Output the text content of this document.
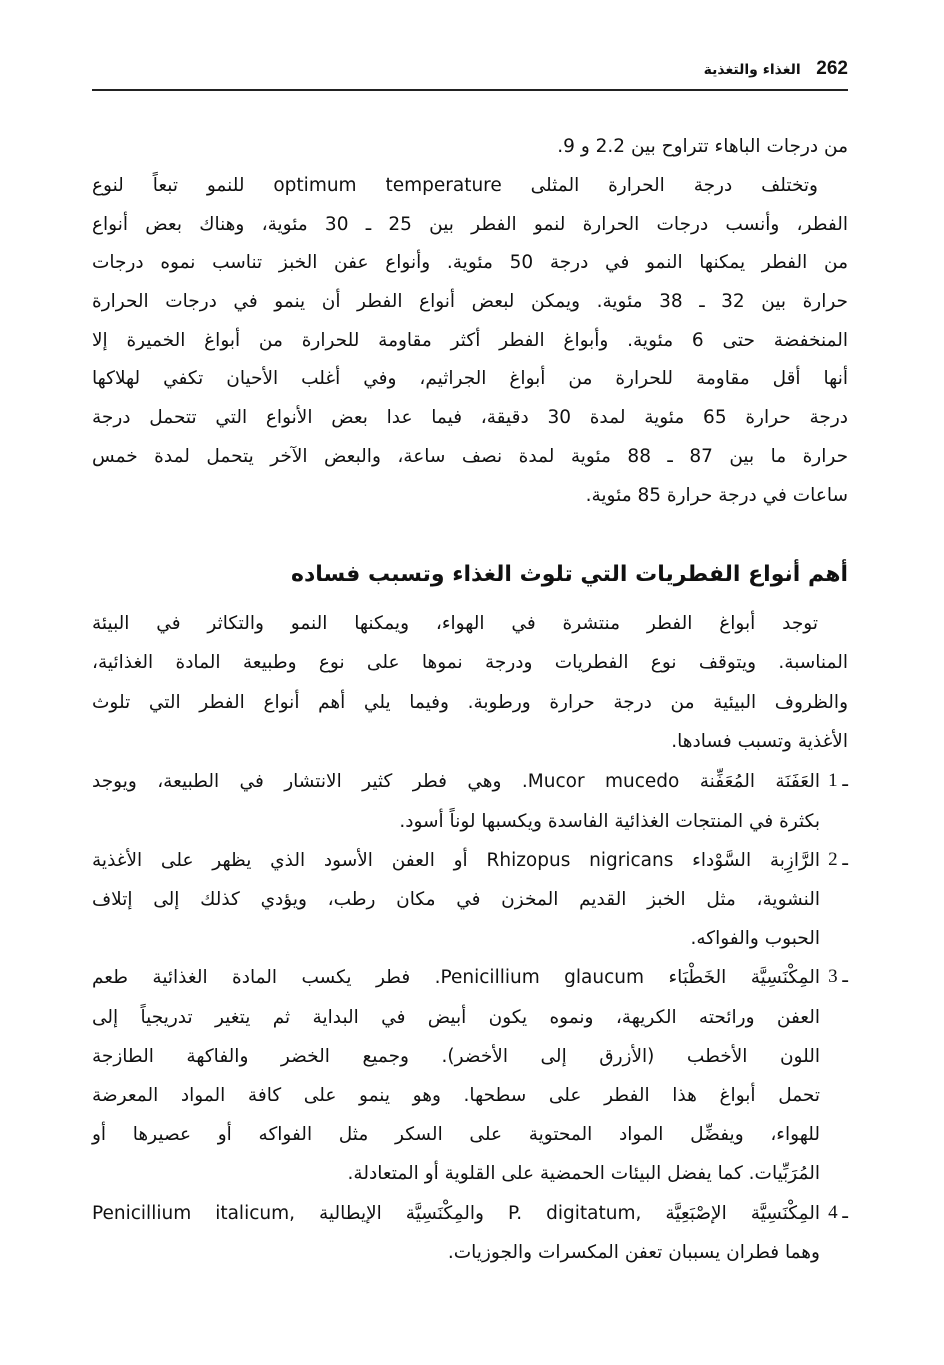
262 الغذاء والتغذية
من درجات الباهاء تتراوح بين 2.2 و 9.
وتختلف درجة الحرارة المثلى optimum temperature للنمو تبعاً لنوع
الفطر، وأنسب درجات الحرارة لنمو الفطر بين 25 ـ 30 مئوية، وهناك بعض أنواع
من الفطر يمكنها النمو في درجة 50 مئوية. وأنواع عفن الخبز تناسب نموه درجات
حرارة بين 32 ـ 38 مئوية. ويمكن لبعض أنواع الفطر أن ينمو في درجات الحرارة
المنخفضة حتى 6 مئوية. وأبواغ الفطر أكثر مقاومة للحرارة من أبواغ الخميرة إلا
أنها أقل مقاومة للحرارة من أبواغ الجراثيم، وفي أغلب الأحيان تكفي لهلاكها
درجة حرارة 65 مئوية لمدة 30 دقيقة، فيما عدا بعض الأنواع التي تتحمل درجة
حرارة ما بين 87 ـ 88 مئوية لمدة نصف ساعة، والبعض الآخر يتحمل لمدة خمس
ساعات في درجة حرارة 85 مئوية.
أهم أنواع الفطريات التي تلوث الغذاء وتسبب فساده
توجد أبواغ الفطر منتشرة في الهواء، ويمكنها النمو والتكاثر في البيئة
المناسبة. ويتوقف نوع الفطريات ودرجة نموها على نوع وطبيعة المادة الغذائية،
والظروف البيئية من درجة حرارة ورطوبة. وفيما يلي أهم أنواع الفطر التي تلوث
الأغذية وتسبب فسادها.
1 ـ
العَفَنَة المُعَفِّنة Mucor mucedo. وهي فطر كثير الانتشار في الطبيعة، ويوجد
بكثرة في المنتجات الغذائية الفاسدة ويكسبها لوناً أسود.
2 ـ
الرَّازِبة السَّوْداء Rhizopus nigricans أو العفن الأسود الذي يظهر على الأغذية
النشوية، مثل الخبز القديم المخزن في مكان رطب، ويؤدي كذلك إلى إتلاف
الحبوب والفواكه.
3 ـ
المِكْنَسِيَّة الخَطْبَاء Penicillium glaucum. فطر يكسب المادة الغذائية طعم
العفن ورائحته الكريهة، ونموه يكون أبيض في البداية ثم يتغير تدريجياً إلى
اللون الأخطب (الأزرق إلى الأخضر). وجميع الخضر والفاكهة الطازجة
تحمل أبواغ هذا الفطر على سطحها. وهو ينمو على كافة المواد المعرضة
للهواء، ويفضِّل المواد المحتوية على السكر مثل الفواكه أو عصيرها أو
المُرَبِّيات. كما يفضل البيئات الحمضية على القلوية أو المتعادلة.
4 ـ
المِكْنَسِيَّة الإصْبَعِيَّة ,P. digitatum والمِكْنَسِيَّة الإيطالية ,Penicillium italicum
وهما فطران يسببان تعفن المكسرات والجوزيات.
